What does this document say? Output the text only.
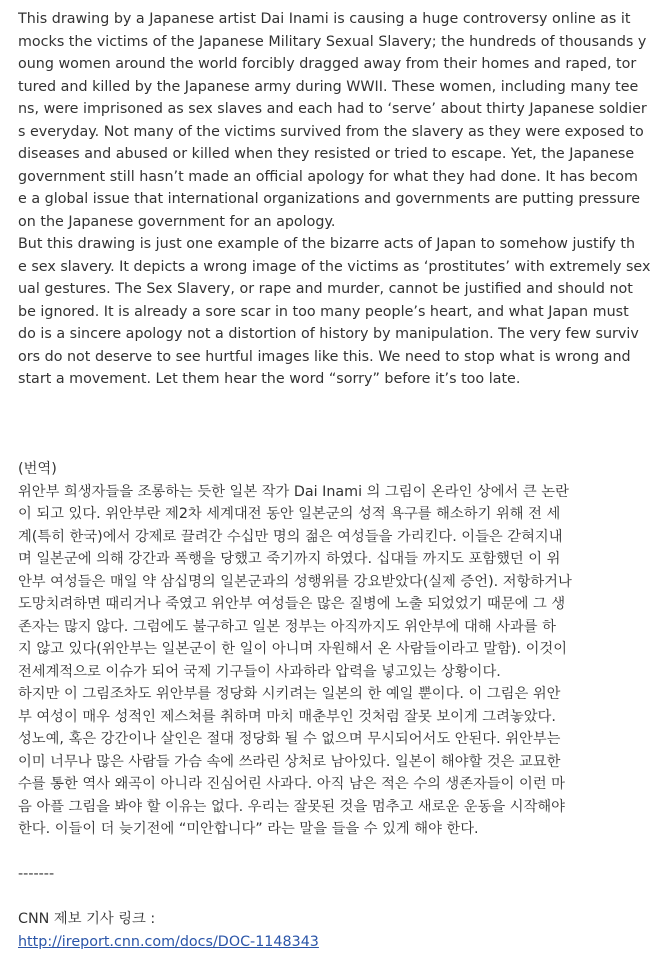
This drawing by a Japanese artist Dai Inami is causing a huge controversy online as it
mocks the victims of the Japanese Military Sexual Slavery; the hundreds of thousands y
oung women around the world forcibly dragged away from their homes and raped, tor
tured and killed by the Japanese army during WWII. These women, including many tee
ns, were imprisoned as sex slaves and each had to ‘serve’ about thirty Japanese soldier
s everyday. Not many of the victims survived from the slavery as they were exposed to
diseases and abused or killed when they resisted or tried to escape. Yet, the Japanese
government still hasn’t made an official apology for what they had done. It has becom
e a global issue that international organizations and governments are putting pressure
on the Japanese government for an apology.
But this drawing is just one example of the bizarre acts of Japan to somehow justify th
e sex slavery. It depicts a wrong image of the victims as ‘prostitutes’ with extremely sex
ual gestures. The Sex Slavery, or rape and murder, cannot be justified and should not
be ignored. It is already a sore scar in too many people’s heart, and what Japan must
do is a sincere apology not a distortion of history by manipulation. The very few surviv
ors do not deserve to see hurtful images like this. We need to stop what is wrong and
start a movement. Let them hear the word “sorry” before it’s too late.
(번역)
위안부 희생자들을 조롱하는 듯한 일본 작가 Dai Inami 의 그림이 온라인 상에서 큰 논란
이 되고 있다. 위안부란 제2차 세계대전 동안 일본군의 성적 욕구를 해소하기 위해 전 세
계(특히 한국)에서 강제로 끌려간 수십만 명의 젊은 여성들을 가리킨다. 이들은 갇혀지내
며 일본군에 의해 강간과 폭행을 당했고 죽기까지 하였다. 십대들 까지도 포함했던 이 위
안부 여성들은 매일 약 삼십명의 일본군과의 성행위를 강요받았다(실제 증언). 저항하거나
도망치려하면 때리거나 죽였고 위안부 여성들은 많은 질병에 노출 되었었기 때문에 그 생
존자는 많지 않다. 그럼에도 불구하고 일본 정부는 아직까지도 위안부에 대해 사과를 하
지 않고 있다(위안부는 일본군이 한 일이 아니며 자원해서 온 사람들이라고 말함). 이것이
전세계적으로 이슈가 되어 국제 기구들이 사과하라 압력을 넣고있는 상황이다.
하지만 이 그림조차도 위안부를 정당화 시키려는 일본의 한 예일 뿐이다. 이 그림은 위안
부 여성이 매우 성적인 제스쳐를 취하며 마치 매춘부인 것처럼 잘못 보이게 그려놓았다.
성노예, 혹은 강간이나 살인은 절대 정당화 될 수 없으며 무시되어서도 안된다. 위안부는
이미 너무나 많은 사람들 가슴 속에 쓰라린 상처로 남아있다. 일본이 해야할 것은 교묘한
수를 통한 역사 왜곡이 아니라 진심어린 사과다. 아직 남은 적은 수의 생존자들이 이런 마
음 아플 그림을 봐야 할 이유는 없다. 우리는 잘못된 것을 멈추고 새로운 운동을 시작해야
한다. 이들이 더 늦기전에 “미안합니다” 라는 말을 들을 수 있게 해야 한다.
-------
CNN 제보 기사 링크 :
http://ireport.cnn.com/docs/DOC-1148343
